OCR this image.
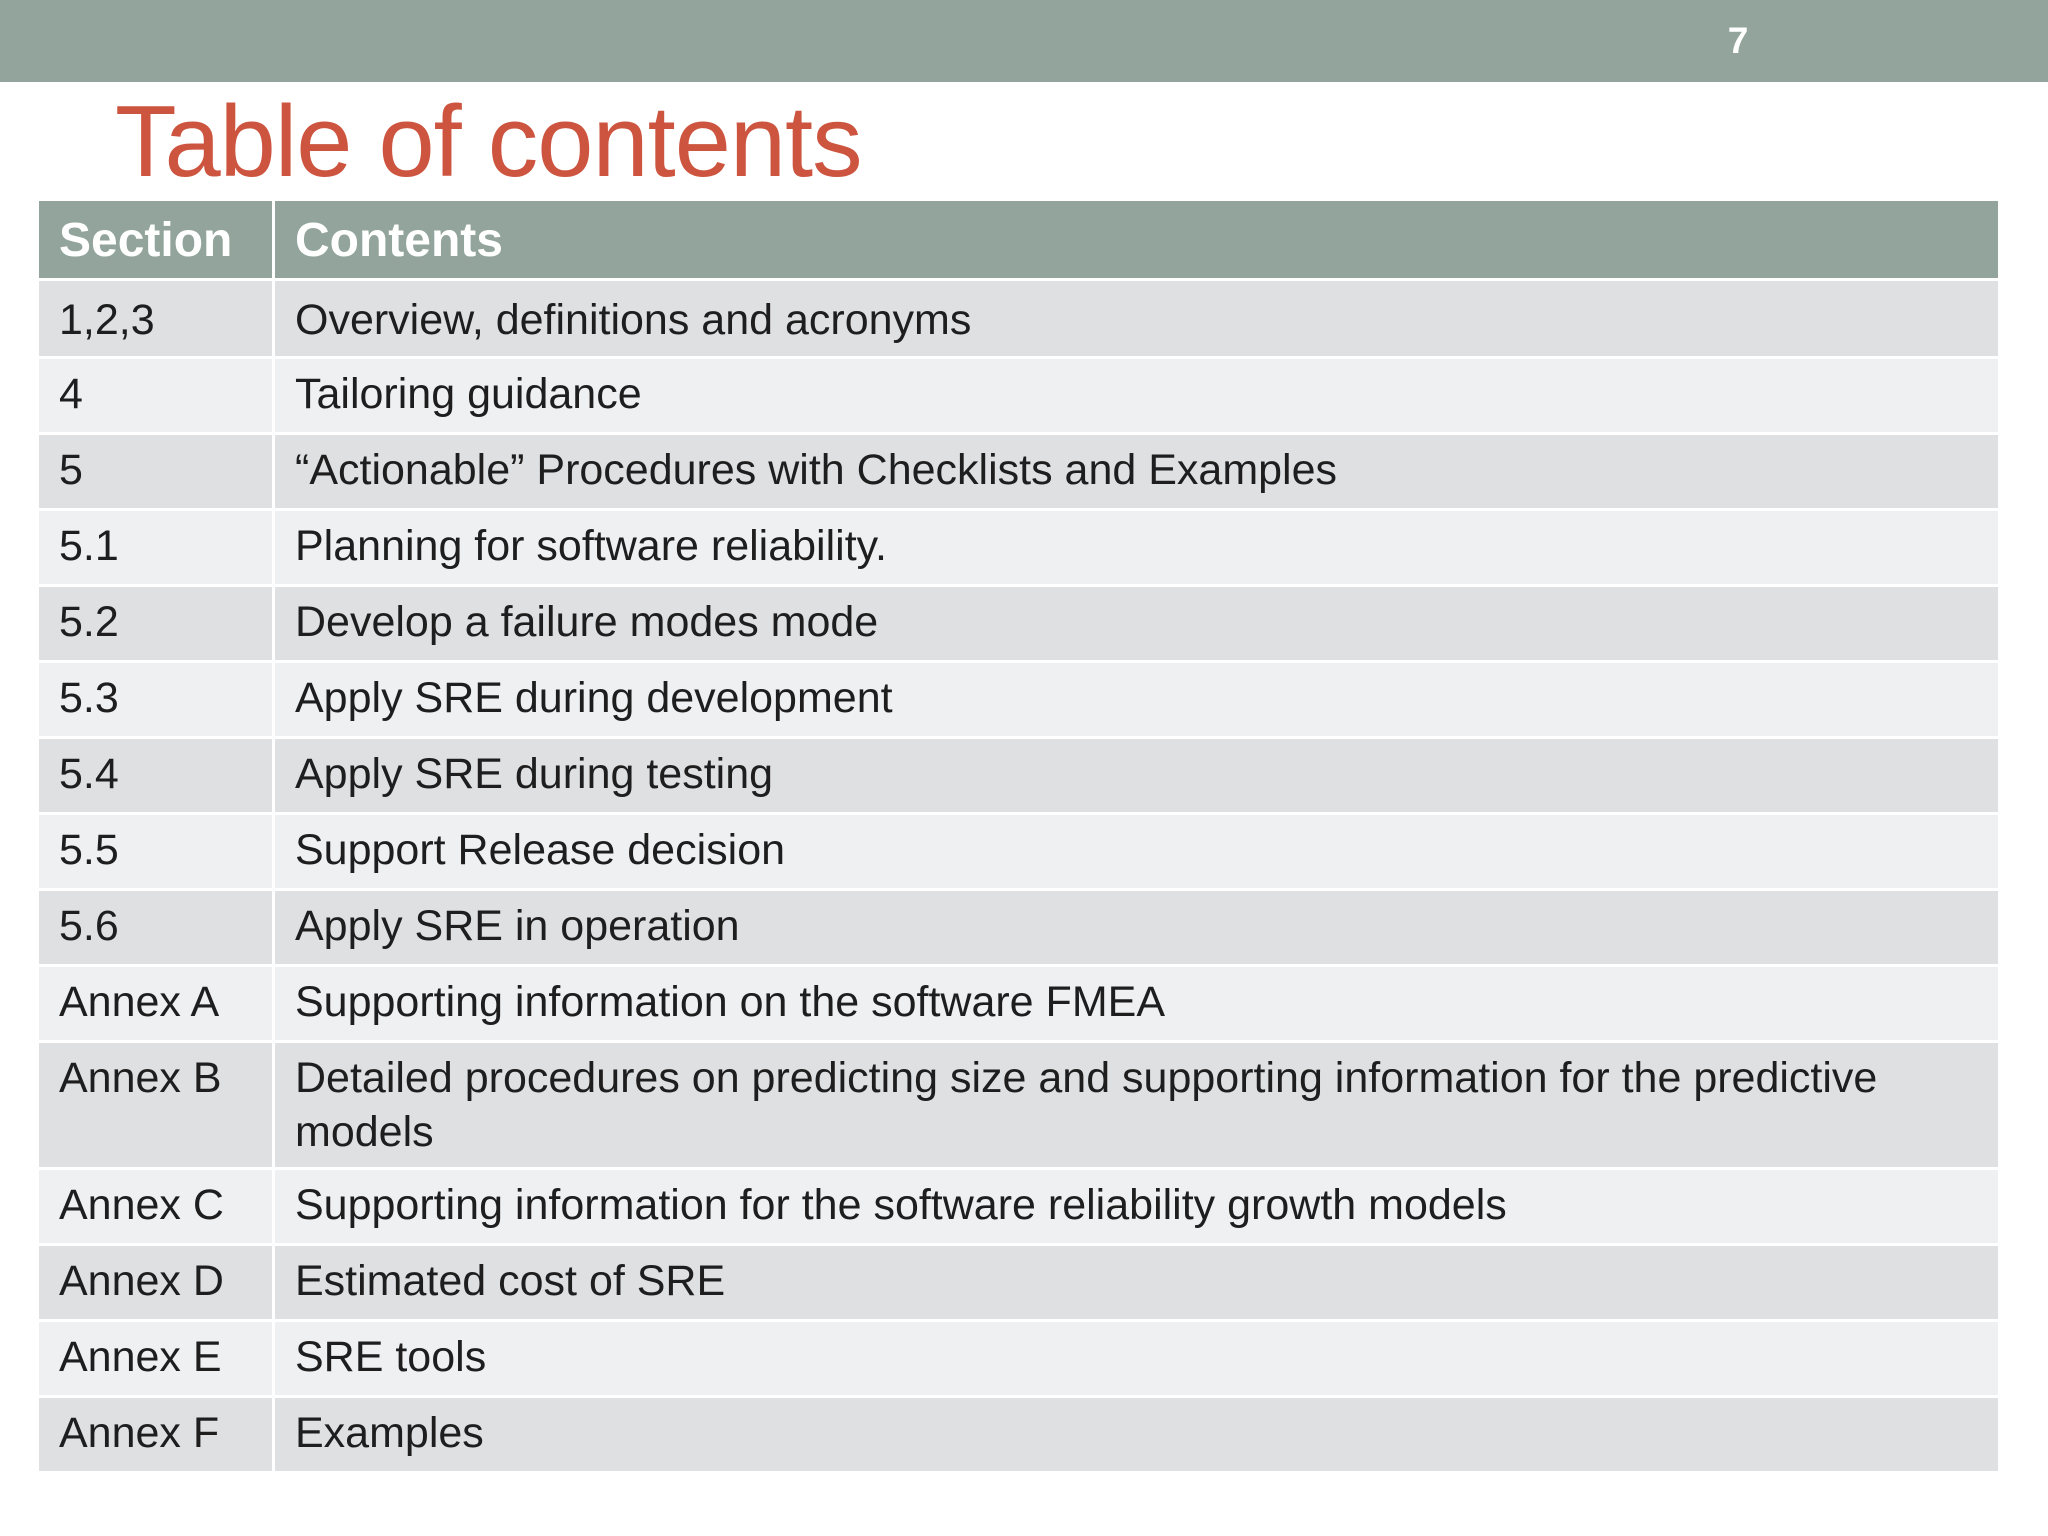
7
Table of contents
Section	Contents
1,2,3	Overview, definitions and acronyms
4	Tailoring guidance
5	“Actionable” Procedures with Checklists and Examples
5.1	Planning for software reliability.
5.2	Develop a failure modes mode
5.3	Apply SRE during development
5.4	Apply SRE during testing
5.5	Support Release decision
5.6	Apply SRE in operation
Annex A	Supporting information on the software FMEA
Annex B	Detailed procedures on predicting size and supporting information for the predictive models
Annex C	Supporting information for the software reliability growth models
Annex D	Estimated cost of SRE
Annex E	SRE tools
Annex F	Examples
